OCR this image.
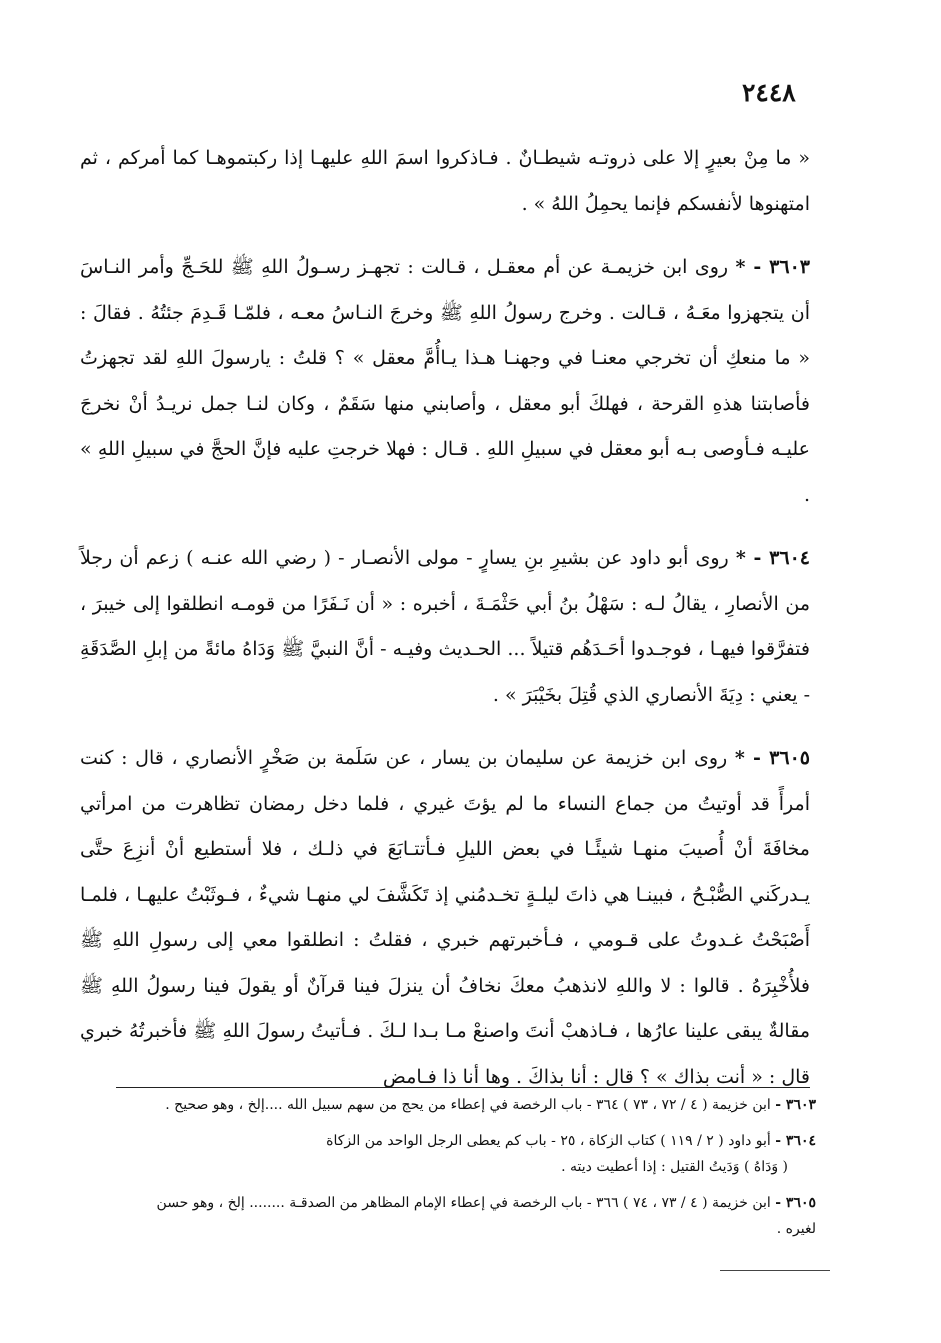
٢٤٤٨

« ما مِنْ بعيرٍ إلا على ذروتـه شيطـانٌ . فـاذكروا اسمَ اللهِ عليهـا إذا ركبتموهـا كما أمركم ، ثم امتهنوها لأنفسكم فإنما يحمِلُ اللهُ » .

٣٦٠٣ - * روى ابن خزيمـة عن أم معقـل ، قـالت : تجهـز رسـولُ اللهِ ﷺ للحَـجِّ وأمر النـاسَ أن يتجهزوا معَـهُ ، قـالت . وخرج رسولُ اللهِ ﷺ وخرجَ النـاسُ معـه ، فلمّـا قَـدِمَ جئتُهُ . فقالَ : « ما منعكِ أن تخرجي معنـا في وجهنـا هـذا يـاأُمَّ معقل » ؟ قلتُ : يارسولَ اللهِ لقد تجهزتُ فأصابتنا هذهِ القرحة ، فهلكَ أبو معقل ، وأصابني منها سَقَمٌ ، وكان لنـا جمل نريـدُ أنْ نخرجَ عليـه فـأوصى بـه أبو معقل في سبيلِ اللهِ . قـال : فهلا خرجتِ عليه فإنَّ الحجَّ في سبيلِ اللهِ » .

٣٦٠٤ - * روى أبو داود عن بشيرِ بنِ يسارٍ - مولى الأنصـار - ( رضي الله عنـه ) زعم أن رجلاً من الأنصارِ ، يقالُ لـه : سَهْلُ بنُ أبي حَثْمَـةَ ، أخبره : « أن نَـفَرًا من قومـه انطلقوا إلى خيبرَ ، فتفرَّقوا فيهـا ، فوجـدوا أحَـدَهُم قتيلاً ... الحـديث وفيـه - أنَّ النبيَّ ﷺ وَدَاهُ مائةً من إبلِ الصَّدَقَةِ - يعني : دِيَةَ الأنصاري الذي قُتِلَ بخَيْبَرَ » .

٣٦٠٥ - * روى ابن خزيمة عن سليمان بن يسار ، عن سَلَمة بن صَخْرٍ الأنصاري ، قال : كنت أمرأً قد أوتيتُ من جماع النساء ما لم يؤتَ غيري ، فلما دخل رمضان تظاهرت من امرأتي مخافَةَ أنْ أُصيبَ منهـا شيئًـا في بعض الليلِ فـأتتـابَعَ في ذلـك ، فلا أستطيع أنْ أنزِعَ حتَّى يـدركَني الصُّبْـحُ ، فبينـا هي ذاتَ ليلـةٍ تخـدمُني إذ تَكَشَّفَ لي منهـا شيءٌ ، فـوثَبْتُ عليهـا ، فلمـا أَصْبَحْتُ غـدوتُ على قـومي ، فـأخبرتهم خبري ، فقلتُ : انطلقوا معي إلى رسولِ اللهِ ﷺ فلأُخْبِرَهُ . قالوا : لا واللهِ لانذهبُ معكَ نخافُ أن ينزلَ فينا قرآنٌ أو يقولَ فينا رسولُ اللهِ ﷺ مقالةٌ يبقى علينا عارُها ، فـاذهبْ أنتَ واصنعْ مـا بـدا لـكَ . فـأتيتُ رسولَ اللهِ ﷺ فأخبرتُهُ خبري قال : « أنت بذاك » ؟ قال : أنا بذاكَ . وها أنا ذا فـامض

٣٦٠٣ - ابن خزيمة ( ٤ / ٧٢ ، ٧٣ ) ٣٦٤ - باب الرخصة في إعطاء من يحج من سهم سبيل الله ....إلخ ، وهو صحيح .

٣٦٠٤ - أبو داود ( ٢ / ١١٩ ) كتاب الزكاة ، ٢٥ - باب كم يعطى الرجل الواحد من الزكاة
( وَدَاهُ ) وَدَيتُ القتيل : إذا أعطيت ديته .

٣٦٠٥ - ابن خزيمة ( ٤ / ٧٣ ، ٧٤ ) ٣٦٦ - باب الرخصة في إعطاء الإمام المظاهر من الصدقـة ........ إلخ ، وهو حسن
لغيره .
